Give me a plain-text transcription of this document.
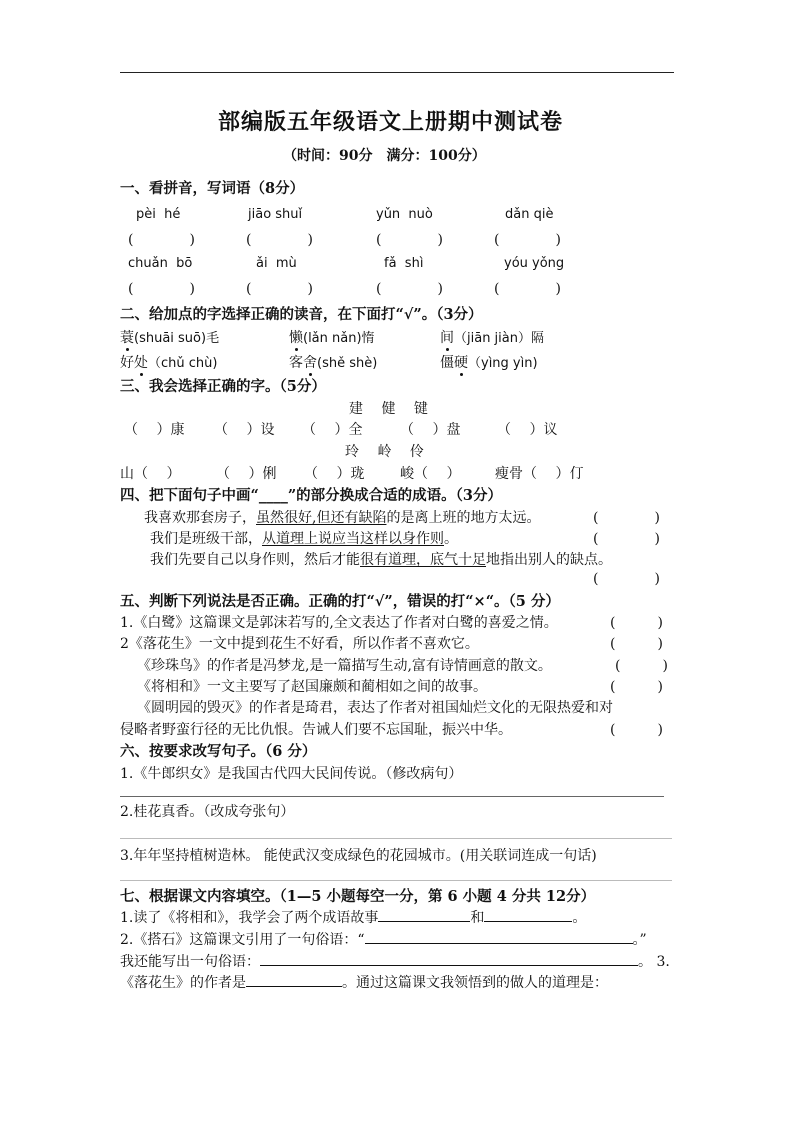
部编版五年级语文上册期中测试卷
（时间：90分　满分：100分）
一、看拼音，写词语（8分）
pèi  hé	jiāo shuǐ	yǔn  nuò	dǎn qiè
(　　　　)	(　　　　)	(　　　　)	(　　　　)
chuǎn  bō	ǎi  mù	fǎ  shì	yóu yǒng
(　　　　)	(　　　　)	(　　　　)	(　　　　)
二、给加点的字选择正确的读音，在下面打“√”。（3分）
蓑(shuāi suō)毛	懒(lǎn nǎn)惰	间（jiān jiàn）隔
好处（chǔ chù)	客舍(shě shè)	僵硬（yìng yìn)
三、我会选择正确的字。（5分）
建　 健　 键
（　 ）康 （　 ）设 （　 ）全	（　 ）盘	（　 ）议
玲　 岭　 伶
山（　 ）	（　 ）俐 （　 ）珑	峻（　 ） 瘦骨（　 ）仃
四、把下面句子中画“____”的部分换成合适的成语。（3分）
我喜欢那套房子，虽然很好,但还有缺陷的是离上班的地方太远。	(　　　　)
我们是班级干部，从道理上说应当这样以身作则。	(　　　　)
我们先要自己以身作则，然后才能很有道理，底气十足地指出别人的缺点。
(　　　　)
五、判断下列说法是否正确。正确的打“√”，错误的打“×“。（5 分）
1.《白鹭》这篇课文是郭沫若写的,全文表达了作者对白鹭的喜爱之情。	(　　　)
2《落花生》一文中提到花生不好看，所以作者不喜欢它。	(　　　)
《珍珠鸟》的作者是冯梦龙,是一篇描写生动,富有诗情画意的散文。	(　　　)
《将相和》一文主要写了赵国廉颇和蔺相如之间的故事。	(　　　)
《圆明园的毁灭》的作者是琦君，表达了作者对祖国灿烂文化的无限热爱和对
侵略者野蛮行径的无比仇恨。告诫人们要不忘国耻，振兴中华。	(　　　)
六、按要求改写句子。（6 分）
1.《牛郎织女》是我国古代四大民间传说。（修改病句）
2.桂花真香。（改成夸张句）
3.年年坚持植树造林。 能使武汉变成绿色的花园城市。(用关联词连成一句话)
七、根据课文内容填空。（1—5 小题每空一分，第 6 小题 4 分共 12分）
1.读了《将相和》，我学会了两个成语故事	和	。
2.《搭石》这篇课文引用了一句俗语：“	。”
我还能写出一句俗语：	。 3.
《落花生》的作者是	。通过这篇课文我领悟到的做人的道理是：
